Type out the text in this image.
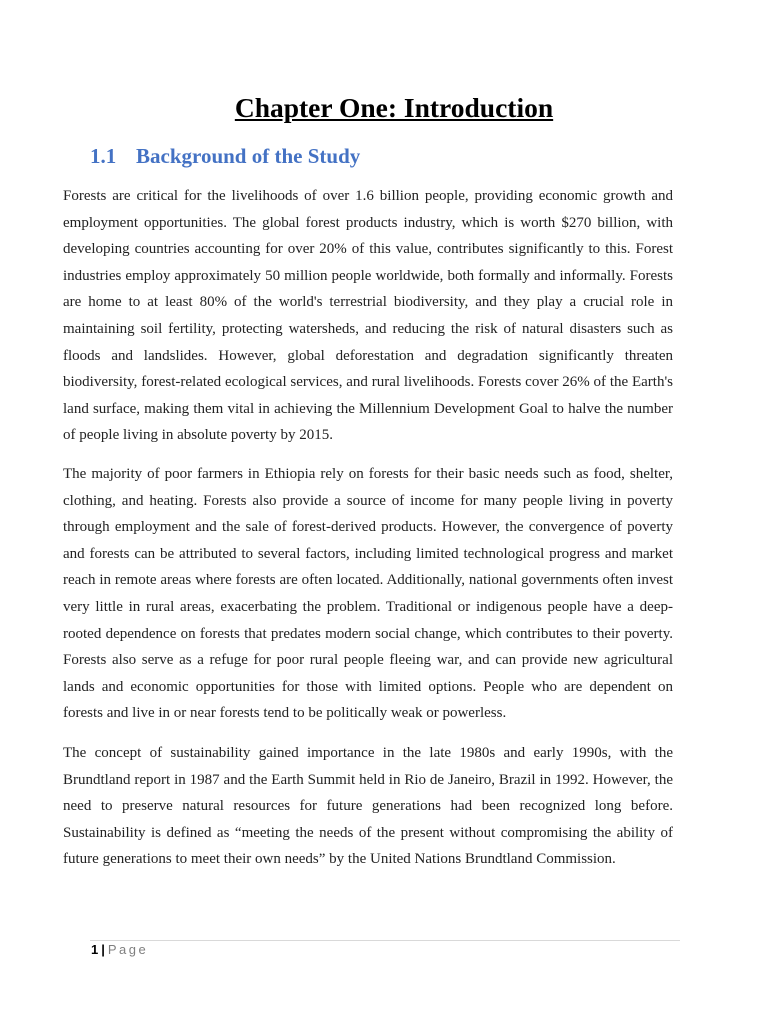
Chapter One: Introduction
1.1 Background of the Study

Forests are critical for the livelihoods of over 1.6 billion people, providing economic growth and employment opportunities. The global forest products industry, which is worth $270 billion, with developing countries accounting for over 20% of this value, contributes significantly to this. Forest industries employ approximately 50 million people worldwide, both formally and informally. Forests are home to at least 80% of the world's terrestrial biodiversity, and they play a crucial role in maintaining soil fertility, protecting watersheds, and reducing the risk of natural disasters such as floods and landslides. However, global deforestation and degradation significantly threaten biodiversity, forest-related ecological services, and rural livelihoods. Forests cover 26% of the Earth's land surface, making them vital in achieving the Millennium Development Goal to halve the number of people living in absolute poverty by 2015.

The majority of poor farmers in Ethiopia rely on forests for their basic needs such as food, shelter, clothing, and heating. Forests also provide a source of income for many people living in poverty through employment and the sale of forest-derived products. However, the convergence of poverty and forests can be attributed to several factors, including limited technological progress and market reach in remote areas where forests are often located. Additionally, national governments often invest very little in rural areas, exacerbating the problem. Traditional or indigenous people have a deep-rooted dependence on forests that predates modern social change, which contributes to their poverty. Forests also serve as a refuge for poor rural people fleeing war, and can provide new agricultural lands and economic opportunities for those with limited options. People who are dependent on forests and live in or near forests tend to be politically weak or powerless.

The concept of sustainability gained importance in the late 1980s and early 1990s, with the Brundtland report in 1987 and the Earth Summit held in Rio de Janeiro, Brazil in 1992. However, the need to preserve natural resources for future generations had been recognized long before. Sustainability is defined as “meeting the needs of the present without compromising the ability of future generations to meet their own needs” by the United Nations Brundtland Commission.

1 | Page
